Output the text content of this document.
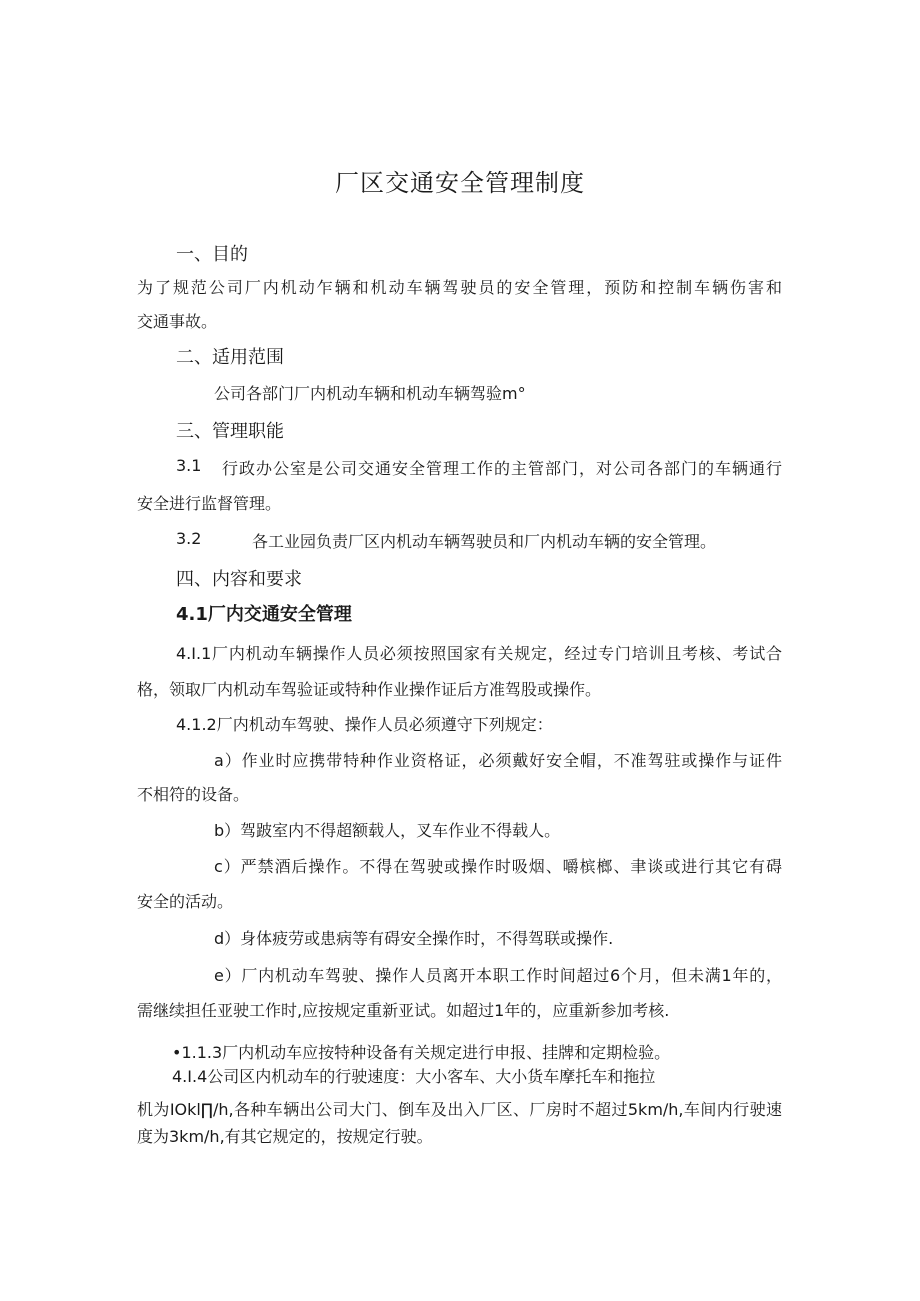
厂区交通安全管理制度
一、目的
为了规范公司厂内机动乍辆和机动车辆驾驶员的安全管理，预防和控制车辆伤害和
交通事故。
二、适用范围
公司各部门厂内机动车辆和机动车辆驾验m°
三、管理职能
3.1 行政办公室是公司交通安全管理工作的主管部门，对公司各部门的车辆通行
安全进行监督管理。
3.2	各工业园负责厂区内机动车辆驾驶员和厂内机动车辆的安全管理。
四、内容和要求
4.1厂内交通安全管理
4.I.1厂内机动车辆操作人员必须按照国家有关规定，经过专门培训且考核、考试合
格，领取厂内机动车驾验证或特种作业操作证后方准驾股或操作。
4.1.2厂内机动车驾驶、操作人员必须遵守下列规定：
a）作业时应携带特种作业资格证，必须戴好安全帽，不准驾驻或操作与证件
不相符的设备。
b）驾跛室内不得超额载人，叉车作业不得载人。
c）严禁酒后操作。不得在驾驶或操作时吸烟、嚼槟榔、聿谈或进行其它有碍
安全的活动。
d）身体疲劳或患病等有碍安全操作时，不得驾联或操作.
e）厂内机动车驾驶、操作人员离开本职工作时间超过6个月，但未满1年的，
需继续担任亚驶工作时,应按规定重新亚试。如超过1年的，应重新参加考核.
•1.1.3厂内机动车应按特种设备有关规定进行申报、挂牌和定期检验。
4.I.4公司区内机动车的行驶速度：大小客车、大小货车摩托车和拖拉
机为IOkl∏∕h,各种车辆出公司大门、倒车及出入厂区、厂房时不超过5km∕h,车间内行驶速
度为3km∕h,有其它规定的，按规定行驶。
